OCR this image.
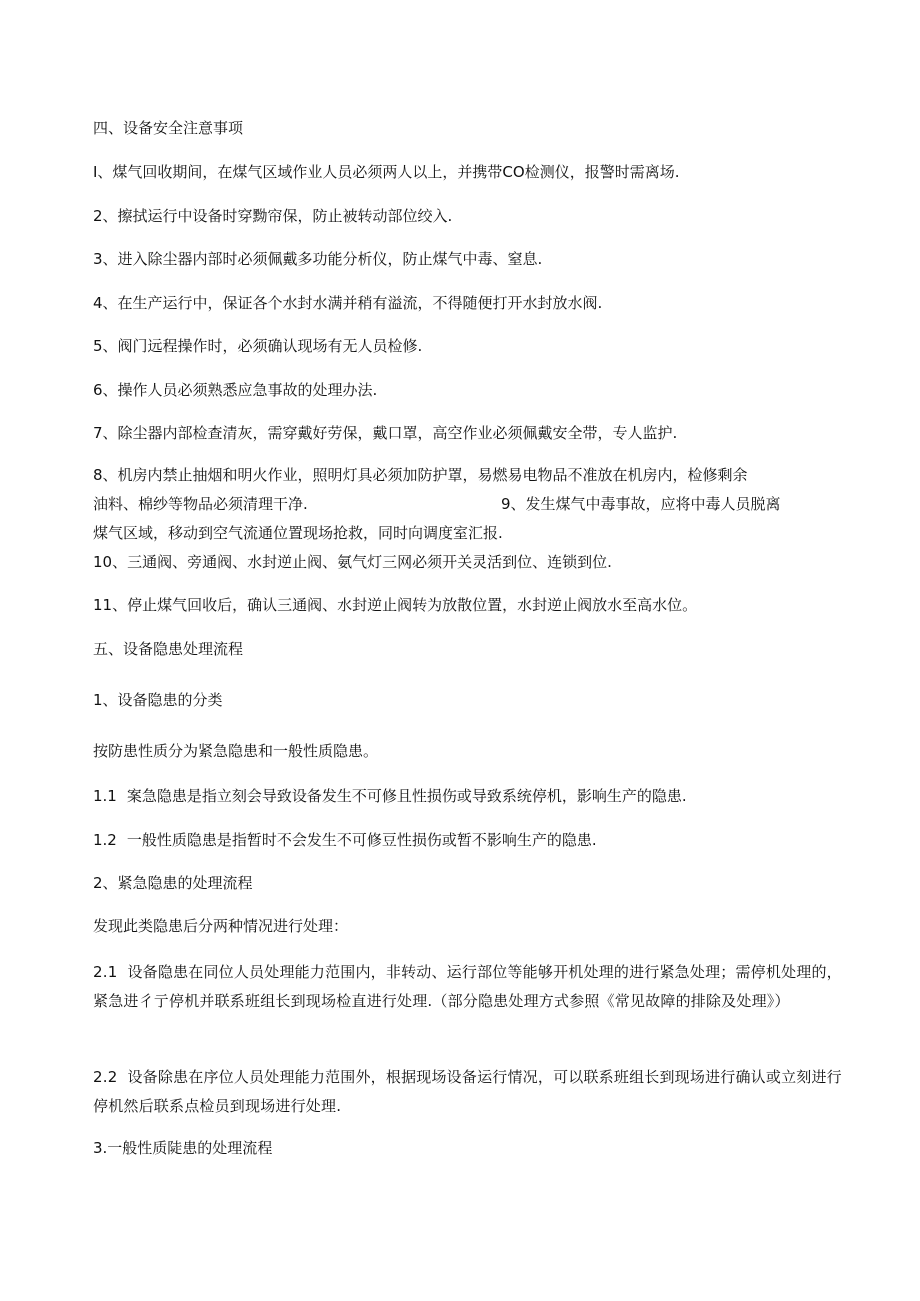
四、设备安全注意事项
I、煤气回收期间，在煤气区域作业人员必须两人以上，并携带CO检测仪，报警时需离场.
2、擦拭运行中设备时穿黝帘保，防止被转动部位绞入.
3、进入除尘器内部时必须佩戴多功能分析仪，防止煤气中毒、窒息.
4、在生产运行中，保证各个水封水满并稍有溢流，不得随便打开水封放水阀.
5、阀门远程操作时，必须确认现场有无人员检修.
6、操作人员必须熟悉应急事故的处理办法.
7、除尘器内部检查清灰，需穿戴好劳保，戴口罩，高空作业必须佩戴安全带，专人监护.
8、机房内禁止抽烟和明火作业，照明灯具必须加防护罩，易燃易电物品不准放在机房内，检修剩余
油料、棉纱等物品必须清理干净.	9、发生煤气中毒事故，应将中毒人员脱离
煤气区域，移动到空气流通位置现场抢救，同时向调度室汇报.
10、三通阀、旁通阀、水封逆止阀、氨气灯三网必须开关灵活到位、连锁到位.
11、停止煤气回收后，确认三通阀、水封逆止阀转为放散位置，水封逆止阀放水至高水位。
五、设备隐患处理流程
1、设备隐患的分类
按防患性质分为紧急隐患和一般性质隐患。
1.1 案急隐患是指立刻会导致设备发生不可修且性损伤或导致系统停机，影响生产的隐患.
1.2 一般性质隐患是指暂时不会发生不可修豆性损伤或暂不影响生产的隐患.
2、紧急隐患的处理流程
发现此类隐患后分两种情况进行处理：
2.1 设备隐患在同位人员处理能力范围内，非转动、运行部位等能够开机处理的进行紧急处理；需停机处理的，紧急进彳亍停机并联系班组长到现场检直进行处理.（部分隐患处理方式参照《常见故障的排除及处理》）
2.2 设备除患在序位人员处理能力范围外，根据现场设备运行情况，可以联系班组长到现场进行确认或立刻进行停机然后联系点检员到现场进行处理.
3.一般性质陡患的处理流程
